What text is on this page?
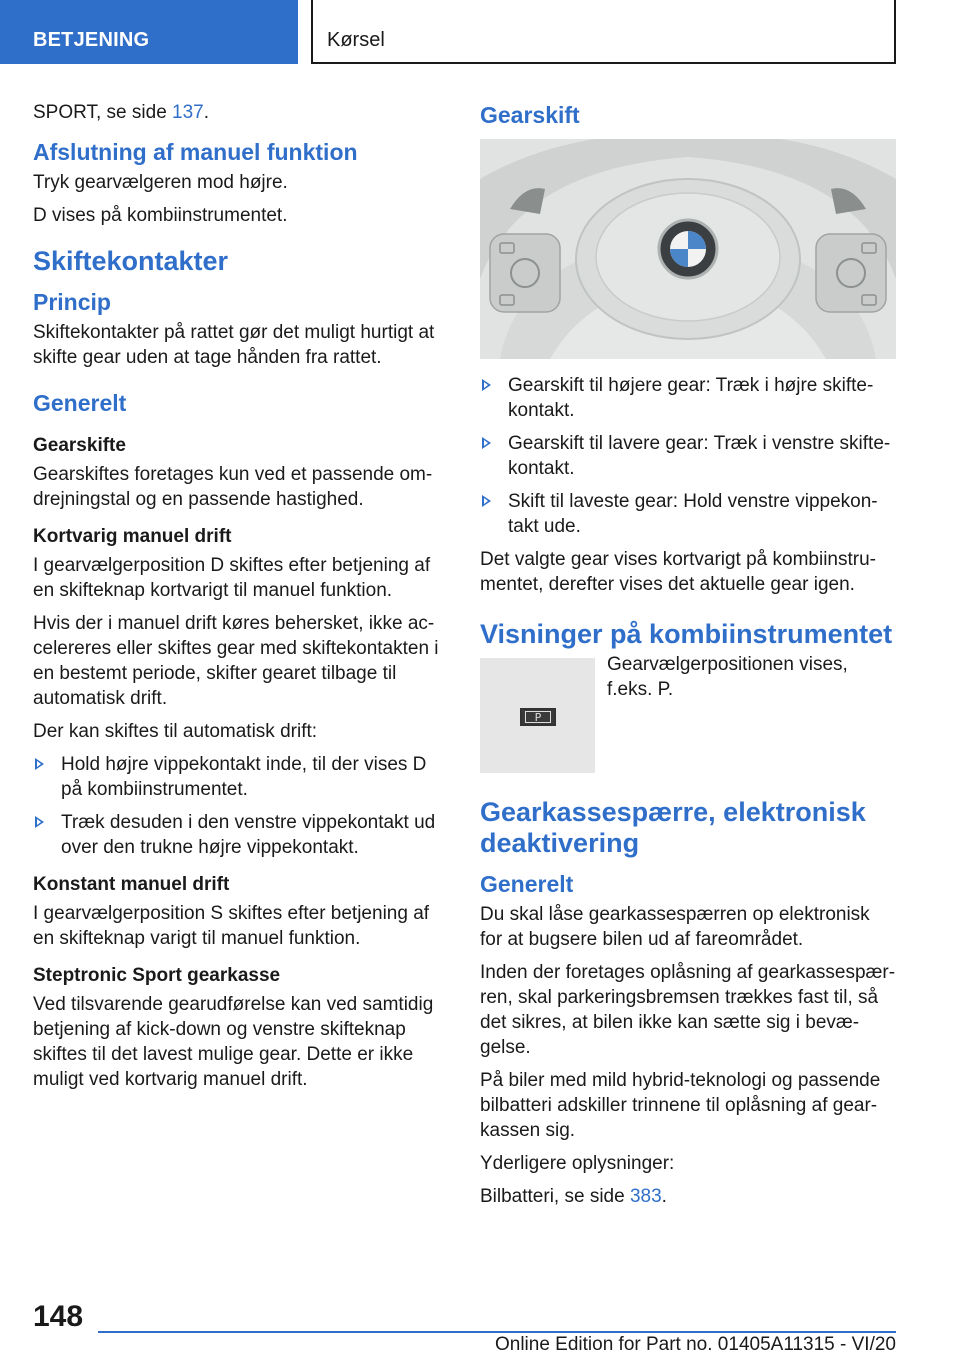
BETJENING	Kørsel

SPORT, se side 137.

Afslutning af manuel funktion

Tryk gearvælgeren mod højre.

D vises på kombiinstrumentet.

Skiftekontakter
Princip

Skiftekontakter på rattet gør det muligt hurtigt at skifte gear uden at tage hånden fra rattet.

Generelt
Gearskifte

Gearskiftes foretages kun ved et passende om-drejningstal og en passende hastighed.

Kortvarig manuel drift

I gearvælgerposition D skiftes efter betjening af en skifteknap kortvarigt til manuel funktion.

Hvis der i manuel drift køres behersket, ikke ac-celereres eller skiftes gear med skiftekontakten i en bestemt periode, skifter gearet tilbage til automatisk drift.

Der kan skiftes til automatisk drift:

Hold højre vippekontakt inde, til der vises D på kombiinstrumentet.
Træk desuden i den venstre vippekontakt ud over den trukne højre vippekontakt.
Konstant manuel drift

I gearvælgerposition S skiftes efter betjening af en skifteknap varigt til manuel funktion.

Steptronic Sport gearkasse

Ved tilsvarende gearudførelse kan ved samtidig betjening af kick-down og venstre skifteknap skiftes til det lavest mulige gear. Dette er ikke muligt ved kortvarig manuel drift.

Gearskift
Gearskift til højere gear: Træk i højre skifte-kontakt.
Gearskift til lavere gear: Træk i venstre skifte-kontakt.
Skift til laveste gear: Hold venstre vippekon-takt ude.

Det valgte gear vises kortvarigt på kombiinstru-mentet, derefter vises det aktuelle gear igen.

Visninger på kombiinstrumentet
P

Gearvælgerpositionen vises, f.eks. P.

Gearkassespærre, elektronisk deaktivering
Generelt

Du skal låse gearkassespærren op elektronisk for at bugsere bilen ud af fareområdet.

Inden der foretages oplåsning af gearkassespær-ren, skal parkeringsbremsen trækkes fast til, så det sikres, at bilen ikke kan sætte sig i bevæ-gelse.

På biler med mild hybrid-teknologi og passende bilbatteri adskiller trinnene til oplåsning af gear-kassen sig.

Yderligere oplysninger:

Bilbatteri, se side 383.

148
Online Edition for Part no. 01405A11315 - VI/20
